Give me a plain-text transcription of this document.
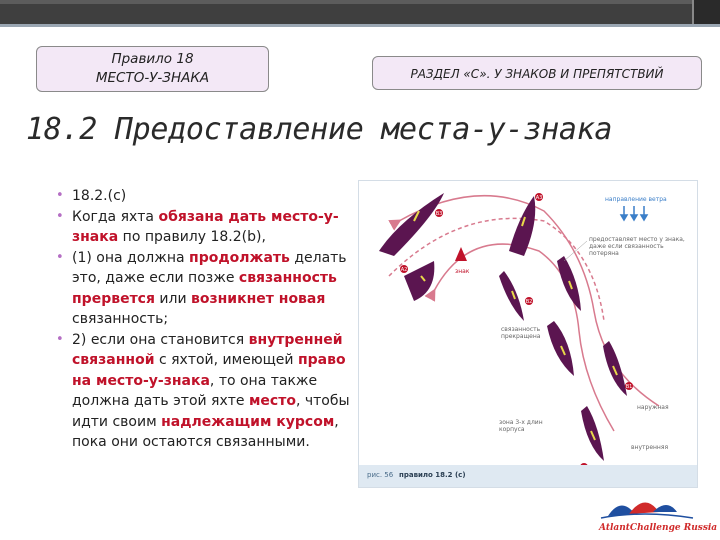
Правило 18
МЕСТО-У-ЗНАКА	РАЗДЕЛ «С». У ЗНАКОВ И ПРЕПЯТСТВИЙ
18.2 Предоставление места-у-знака
• 18.2.(с)
• Когда яхта обязана дать место-у-знака по правилу 18.2(b),
• (1) она должна продолжать делать это, даже если позже связанность прервется или возникнет новая связанность;
• 2) если она становится внутренней связанной с яхтой, имеющей право на место-у-знака, то она также должна дать этой яхте место, чтобы идти своим надлежащим курсом, пока они остаются связанными.
знак
B3
A3
B2
A2
B1
направление ветра
предоставляет место у знака, даже если связанность потеряна
связанность прекращена
наружная
внутренняя
зона 3-х длин корпуса
рис. 56 правило 18.2 (c)
AtlantChallenge Russia
